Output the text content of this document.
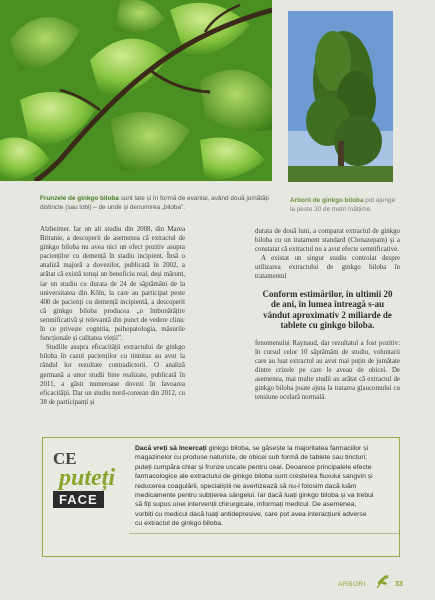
Frunzele de ginkgo biloba sunt late și în formă de evantai, având două jumătăți distincte (sau lobi) – de unde și denumirea „biloba”.
Arborii de ginkgo biloba pot ajunge la peste 30 de metri înălțime.

Alzheimer. Iar un alt studiu din 2008, din Marea Britanie, a descoperit de asemenea că extractul de ginkgo biloba nu avea nici un efect pozitiv asupra pacienților cu demență în stadiu incipient. Însă o analiză majoră a dovezilor, publicată în 2002, a arătat că există totuși un beneficiu real, deși mărunt, iar un studiu cu durata de 24 de săptămâni de la universitatea din Köln, la care au participat peste 400 de pacienți cu demență incipientă, a descoperit că ginkgo biloba producea „o îmbunătățire semnificativă și relevantă din punct de vedere clinic în ce privește cognitia, psihopatologia, măsurile funcționale și calitatea vieții”.

Studiile asupra eficacității extractului de ginkgo biloba în cazul pacienților cu tinnitus au avut la rândul lor rezultate contradictorii. O analiză germană a unor studii bine realizate, publicată în 2011, a găsit numeroase dovezi în favoarea eficacității. Dar un studiu nord-coreean din 2012, cu 38 de participanți și

durata de două luni, a comparat extractul de ginkgo biloba cu un tratament standard (Clonazepam) și a constatat că extractul nu a avut efecte semnificative.

A existat un singur studiu controlat despre utilizarea extractului de ginkgo biloba în tratamentul

Conform estimărilor, în ultimii 20 de ani, în lumea întreagă s-au vândut aproximativ 2 miliarde de tablete cu ginkgo biloba.

fenomenului Raynaud, dar rezultatul a fost pozitiv: în cursul celor 10 săptămâni de studiu, voluntarii care au luat extractul au avut mai puțin de jumătate dintre crizele pe care le aveau de obicei. De asemenea, mai multe studii au arătat că extractul de ginkgo biloba poate ajuta la tratarea glaucomului cu tensiune oculară normală.

CE
puteți
FACE
Dacă vreți să încercați ginkgo biloba, se găsește la majoritatea farmaciilor și magazinelor cu produse naturiste, de obicei sub formă de tablete sau tincturi; puteți cumpăra chiar și frunze uscate pentru ceai. Deoarece principalele efecte farmacologice ale extractului de ginkgo biloba sunt creșterea fluxului sangvin și reducerea coagulării, specialiștii ne avertizează să nu-l folosim dacă luăm medicamente pentru subțierea sângelui. Iar dacă luați ginkgo biloba și va trebui să fiți supus unei intervenții chirurgicale, informați medicul. De asemenea, vorbiți cu medicul dacă luați antidepresive, care pot avea interacțiuni adverse cu extractul de ginkgo biloba.
ARBORI	33
